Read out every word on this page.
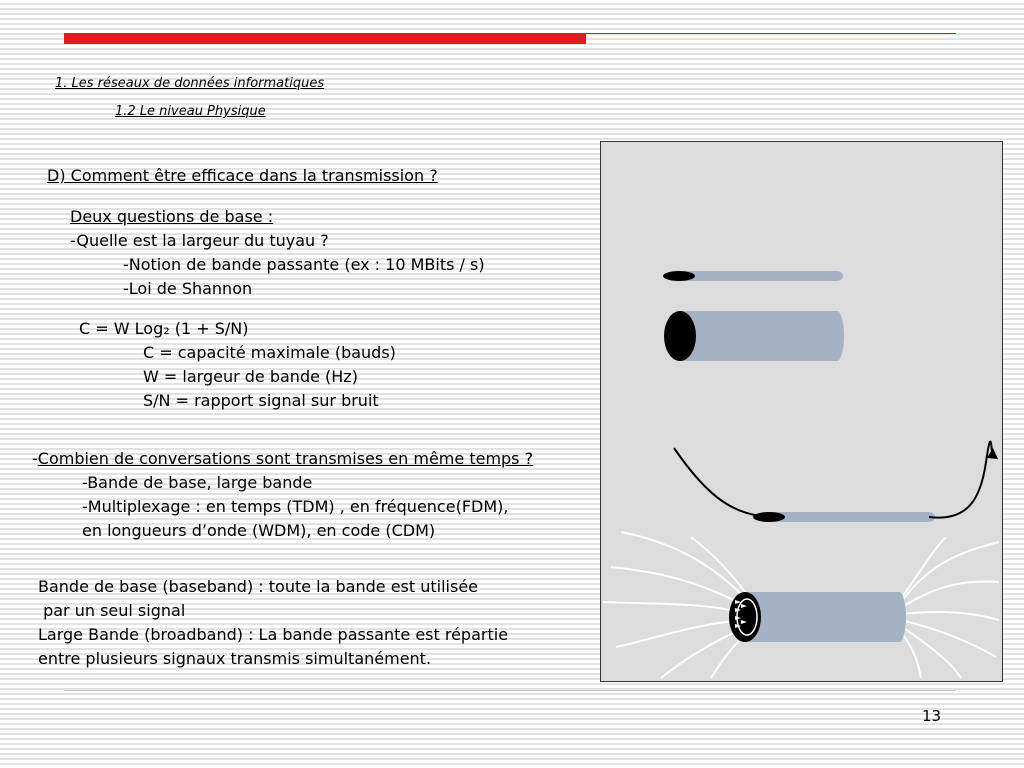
1. Les réseaux de données informatiques
1.2 Le niveau Physique
D) Comment être efficace dans la transmission ?
Deux questions de base :
-Quelle est la largeur du tuyau ?
-Notion de bande passante (ex : 10 MBits / s)
-Loi de Shannon
C = W Log₂ (1 + S/N)
C = capacité maximale (bauds)
W = largeur de bande (Hz)
S/N = rapport signal sur bruit
-Combien de conversations sont transmises en même temps ?
-Bande de base, large bande
-Multiplexage : en temps (TDM) , en fréquence(FDM),
en longueurs d’onde (WDM), en code (CDM)
Bande de base (baseband) : toute la bande est utilisée
par un seul signal
Large Bande (broadband) : La bande passante est répartie
entre plusieurs signaux transmis simultanément.
13
